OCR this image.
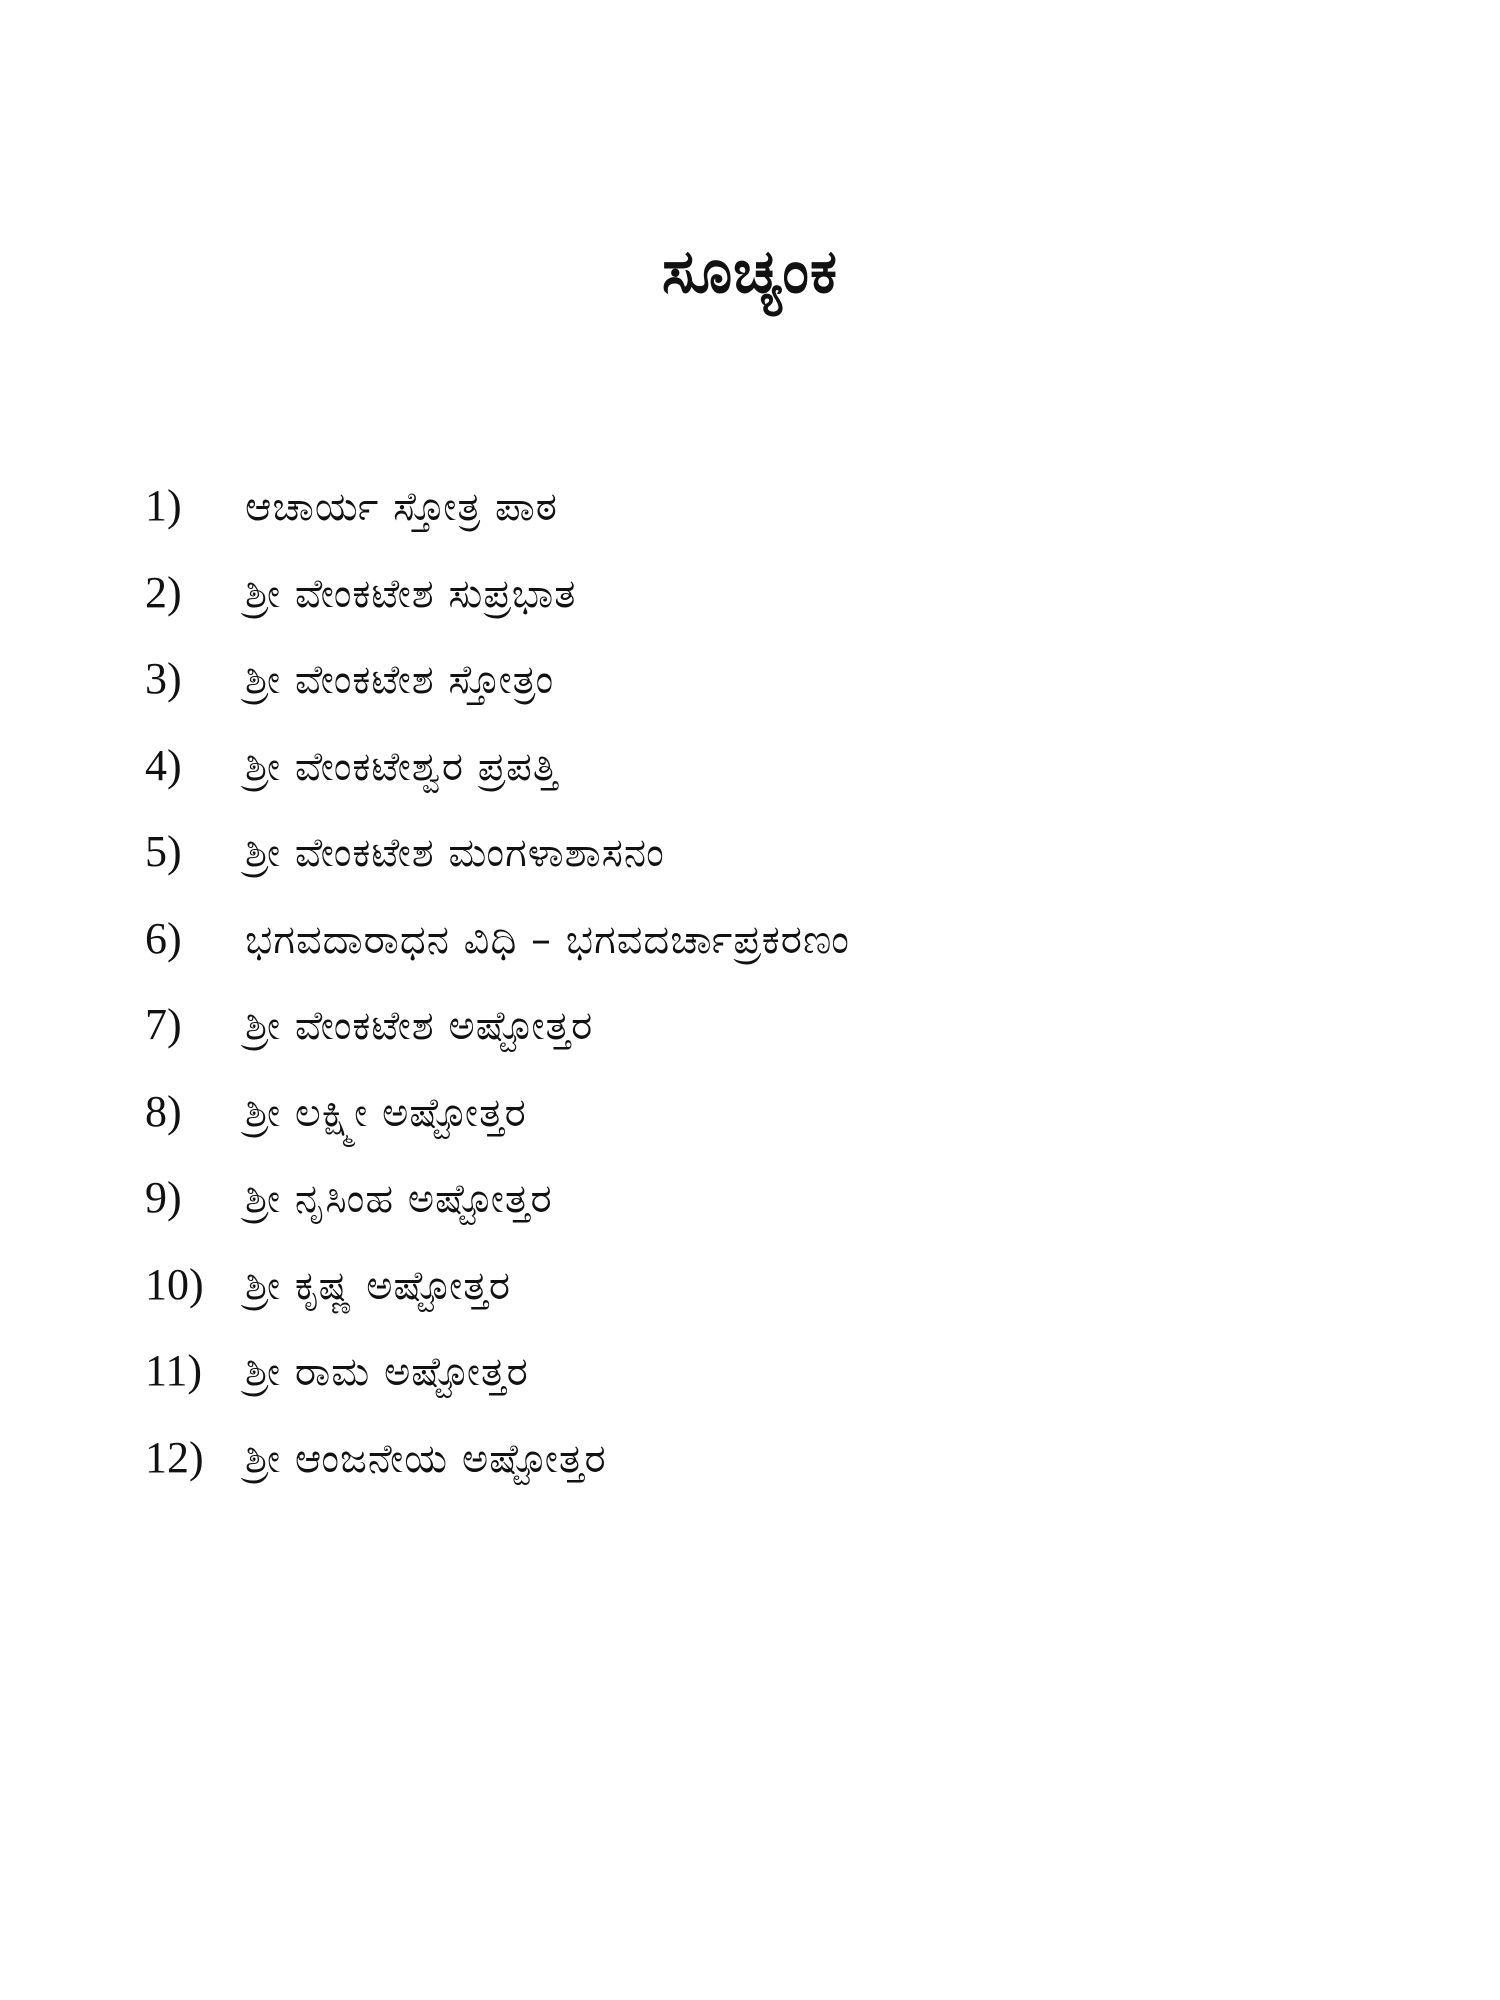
ಸೂಚ್ಯಂಕ
1)	ಆಚಾರ್ಯ ಸ್ತೋತ್ರ ಪಾಠ
2)	ಶ್ರೀ ವೇಂಕಟೇಶ ಸುಪ್ರಭಾತ
3)	ಶ್ರೀ ವೇಂಕಟೇಶ ಸ್ತೋತ್ರಂ
4)	ಶ್ರೀ ವೇಂಕಟೇಶ್ವರ ಪ್ರಪತ್ತಿ
5)	ಶ್ರೀ ವೇಂಕಟೇಶ ಮಂಗಳಾಶಾಸನಂ
6)	ಭಗವದಾರಾಧನ ವಿಧಿ – ಭಗವದರ್ಚಾಪ್ರಕರಣಂ
7)	ಶ್ರೀ ವೇಂಕಟೇಶ ಅಷ್ಟೋತ್ತರ
8)	ಶ್ರೀ ಲಕ್ಷ್ಮೀ ಅಷ್ಟೋತ್ತರ
9)	ಶ್ರೀ ನೃಸಿಂಹ ಅಷ್ಟೋತ್ತರ
10)	ಶ್ರೀ ಕೃಷ್ಣ ಅಷ್ಟೋತ್ತರ
11)	ಶ್ರೀ ರಾಮ ಅಷ್ಟೋತ್ತರ
12)	ಶ್ರೀ ಆಂಜನೇಯ ಅಷ್ಟೋತ್ತರ
